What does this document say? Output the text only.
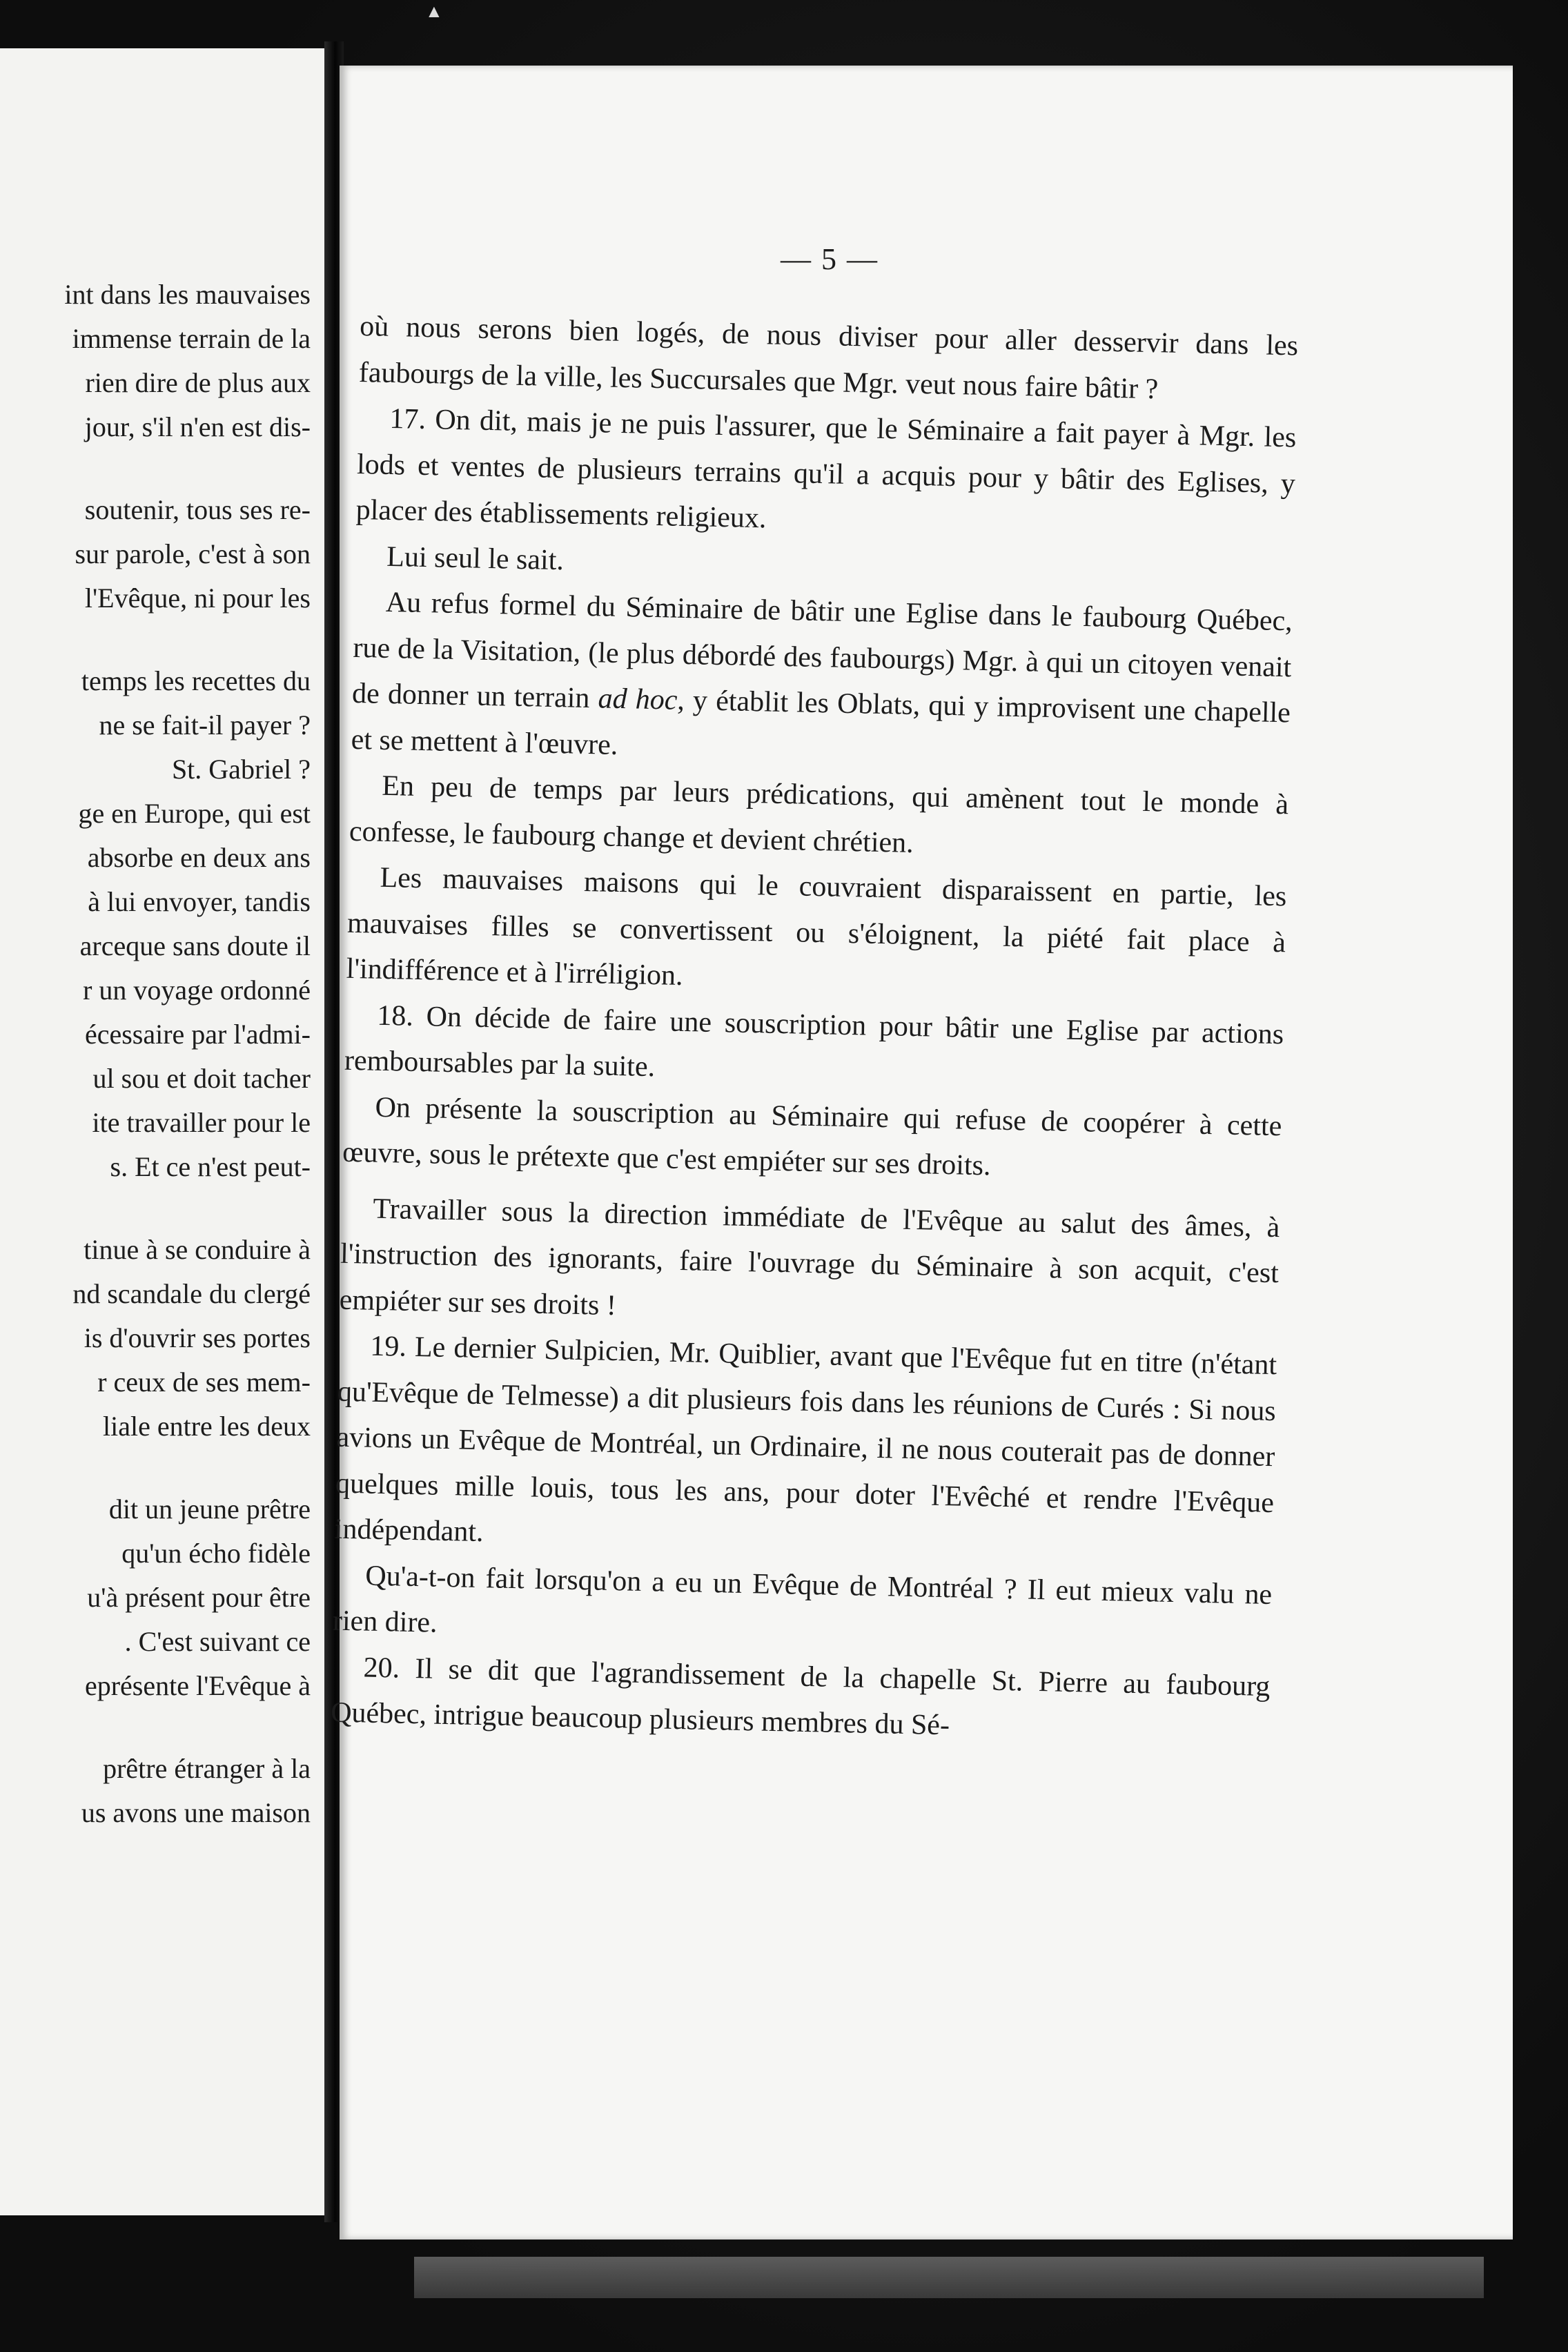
▲
int dans les mauvaises
immense terrain de la
rien dire de plus aux
jour, s'il n'en est dis-
soutenir, tous ses re-
sur parole, c'est à son
l'Evêque, ni pour les
temps les recettes du
ne se fait-il payer ?
St. Gabriel ?
ge en Europe, qui est
absorbe en deux ans
à lui envoyer, tandis
arceque sans doute il
r un voyage ordonné
écessaire par l'admi-
ul sou et doit tacher
ite travailler pour le
s. Et ce n'est peut-
tinue à se conduire à
nd scandale du clergé
is d'ouvrir ses portes
r ceux de ses mem-
liale entre les deux
dit un jeune prêtre
qu'un écho fidèle
u'à présent pour être
. C'est suivant ce
eprésente l'Evêque à
prêtre étranger à la
us avons une maison
— 5 —

où nous serons bien logés, de nous diviser pour aller desservir dans les faubourgs de la ville, les Succursales que Mgr. veut nous faire bâtir ?

17. On dit, mais je ne puis l'assurer, que le Séminaire a fait payer à Mgr. les lods et ventes de plusieurs terrains qu'il a acquis pour y bâtir des Eglises, y placer des établissements religieux.

Lui seul le sait.

Au refus formel du Séminaire de bâtir une Eglise dans le faubourg Québec, rue de la Visitation, (le plus débordé des faubourgs) Mgr. à qui un citoyen venait de donner un terrain ad hoc, y établit les Oblats, qui y improvisent une chapelle et se mettent à l'œuvre.

En peu de temps par leurs prédications, qui amènent tout le monde à confesse, le faubourg change et devient chrétien.

Les mauvaises maisons qui le couvraient disparaissent en partie, les mauvaises filles se convertissent ou s'éloignent, la piété fait place à l'indifférence et à l'irréligion.

18. On décide de faire une souscription pour bâtir une Eglise par actions remboursables par la suite.

On présente la souscription au Séminaire qui refuse de coopérer à cette œuvre, sous le prétexte que c'est empiéter sur ses droits.

Travailler sous la direction immédiate de l'Evêque au salut des âmes, à l'instruction des ignorants, faire l'ouvrage du Séminaire à son acquit, c'est empiéter sur ses droits !

19. Le dernier Sulpicien, Mr. Quiblier, avant que l'Evêque fut en titre (n'étant qu'Evêque de Telmesse) a dit plusieurs fois dans les réunions de Curés : Si nous avions un Evêque de Montréal, un Ordinaire, il ne nous couterait pas de donner quelques mille louis, tous les ans, pour doter l'Evêché et rendre l'Evêque indépendant.

Qu'a-t-on fait lorsqu'on a eu un Evêque de Montréal ? Il eut mieux valu ne rien dire.

20. Il se dit que l'agrandissement de la chapelle St. Pierre au faubourg Québec, intrigue beaucoup plusieurs membres du Sé-
